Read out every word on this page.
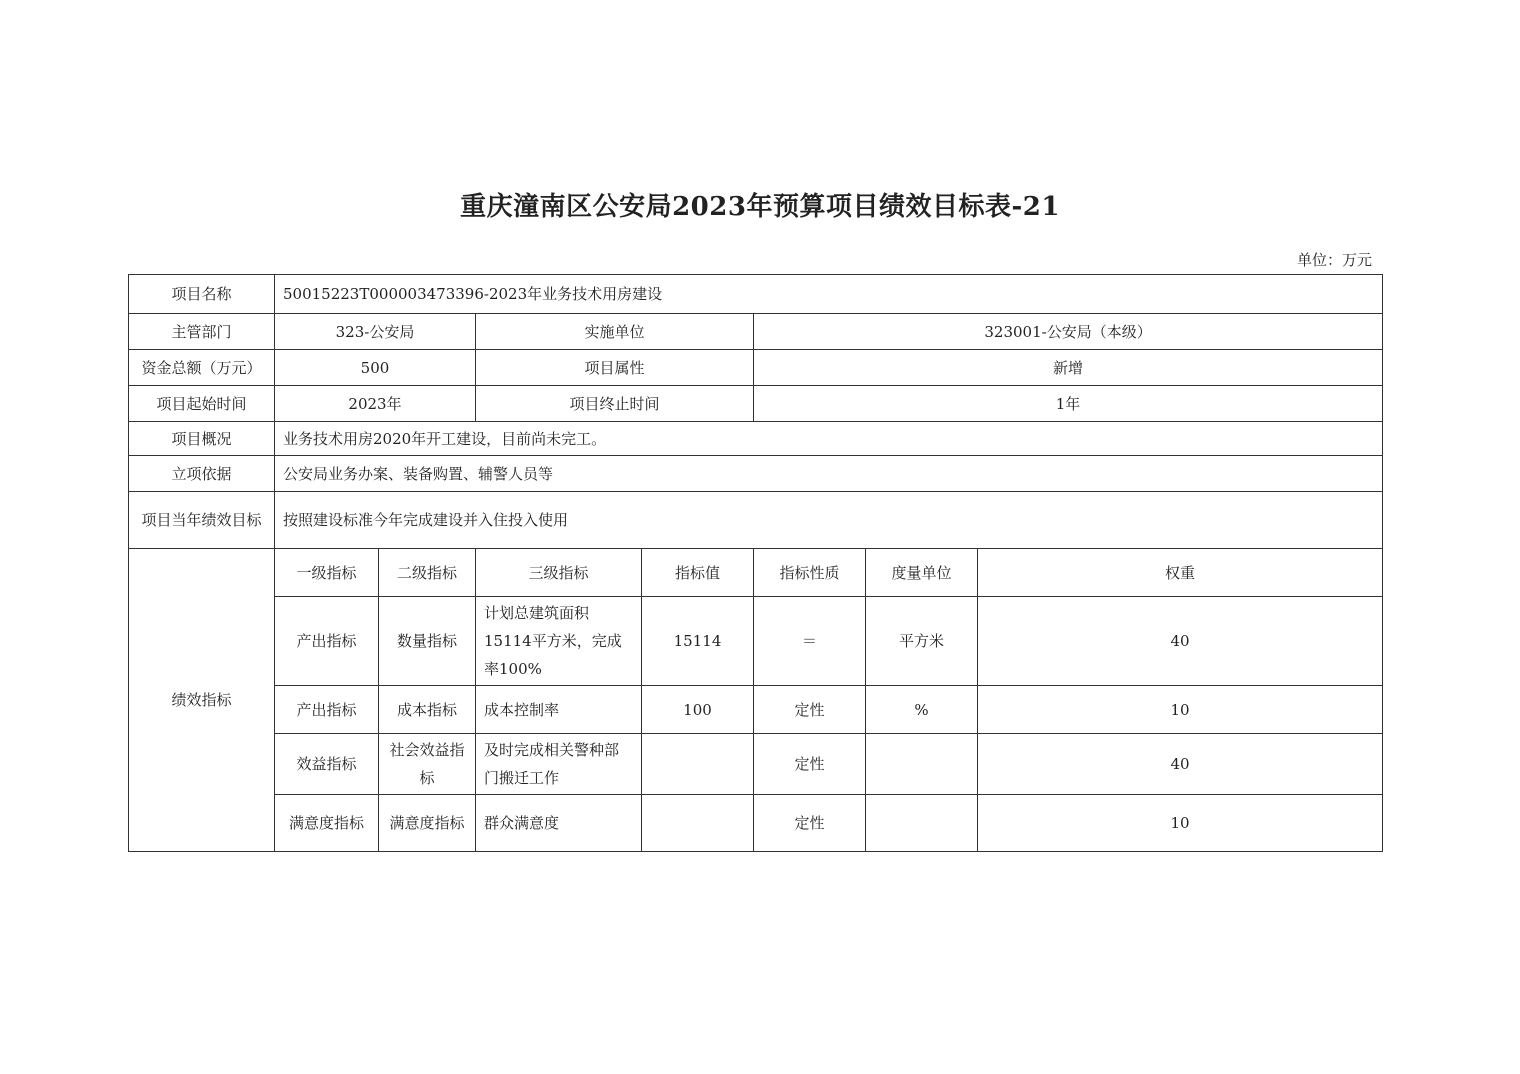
重庆潼南区公安局2023年预算项目绩效目标表-21
单位：万元
项目名称	50015223T000003473396-2023年业务技术用房建设						
主管部门	323-公安局		实施单位		323001-公安局（本级）		
资金总额（万元）	500		项目属性		新增		
项目起始时间	2023年		项目终止时间		1年		
项目概况	业务技术用房2020年开工建设，目前尚未完工。						
立项依据	公安局业务办案、装备购置、辅警人员等						
项目当年绩效目标	按照建设标准今年完成建设并入住投入使用						
绩效指标	一级指标	二级指标	三级指标	指标值	指标性质	度量单位	权重
	产出指标	数量指标	计划总建筑面积15114平方米，完成率100%	15114	＝	平方米	40
	产出指标	成本指标	成本控制率	100	定性	%	10
	效益指标	社会效益指标	及时完成相关警种部门搬迁工作		定性		40
	满意度指标	满意度指标	群众满意度		定性		10
